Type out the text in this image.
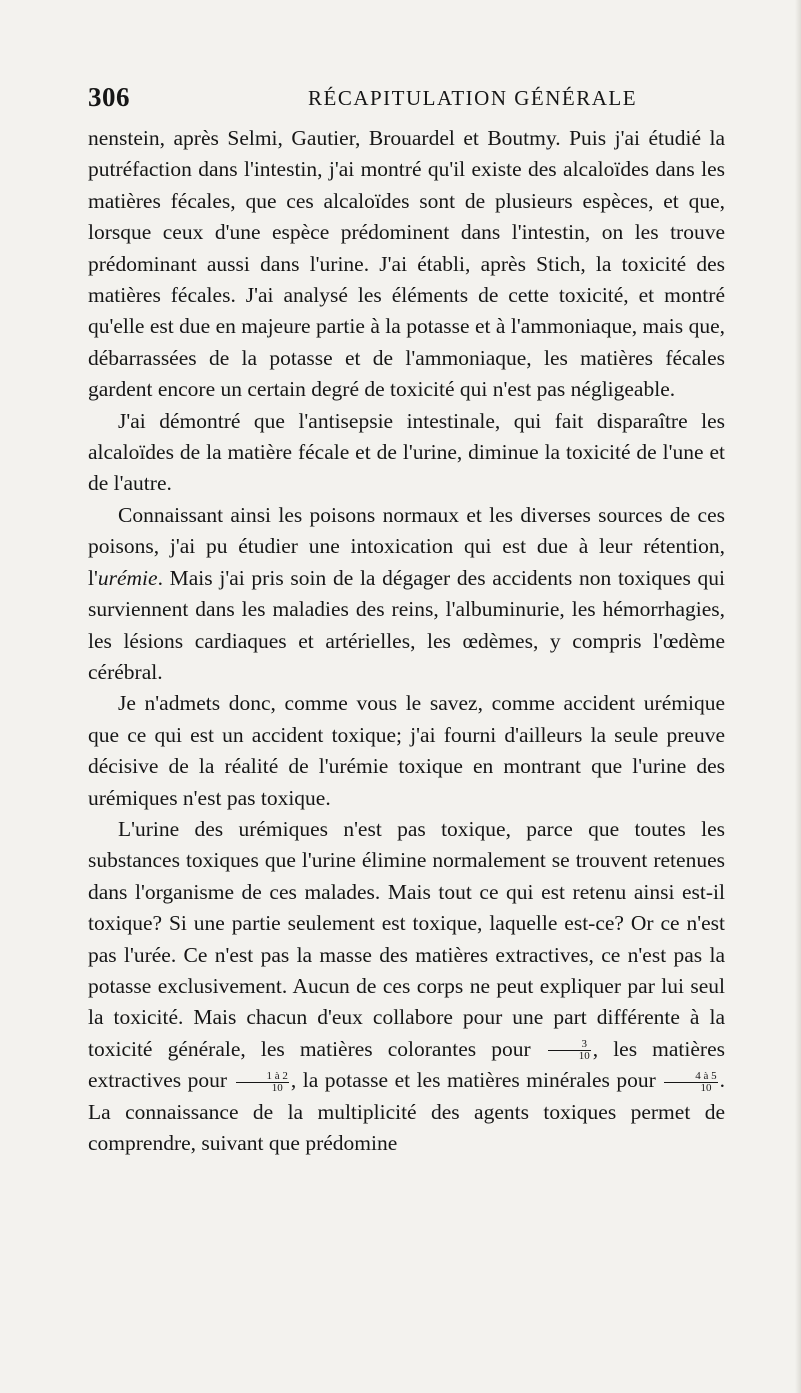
306	RÉCAPITULATION GÉNÉRALE

nenstein, après Selmi, Gautier, Brouardel et Boutmy. Puis j'ai étudié la putréfaction dans l'intestin, j'ai montré qu'il existe des alcaloïdes dans les matières fécales, que ces alcaloïdes sont de plusieurs espèces, et que, lorsque ceux d'une espèce prédominent dans l'intestin, on les trouve prédominant aussi dans l'urine. J'ai établi, après Stich, la toxicité des matières fécales. J'ai analysé les éléments de cette toxicité, et montré qu'elle est due en majeure partie à la potasse et à l'ammoniaque, mais que, débarrassées de la potasse et de l'ammoniaque, les matières fécales gardent encore un certain degré de toxicité qui n'est pas négligeable.

J'ai démontré que l'antisepsie intestinale, qui fait disparaître les alcaloïdes de la matière fécale et de l'urine, diminue la toxicité de l'une et de l'autre.

Connaissant ainsi les poisons normaux et les diverses sources de ces poisons, j'ai pu étudier une intoxication qui est due à leur rétention, l'urémie. Mais j'ai pris soin de la dégager des accidents non toxiques qui surviennent dans les maladies des reins, l'albuminurie, les hémorrhagies, les lésions cardiaques et artérielles, les œdèmes, y compris l'œdème cérébral.

Je n'admets donc, comme vous le savez, comme accident urémique que ce qui est un accident toxique; j'ai fourni d'ailleurs la seule preuve décisive de la réalité de l'urémie toxique en montrant que l'urine des urémiques n'est pas toxique.

L'urine des urémiques n'est pas toxique, parce que toutes les substances toxiques que l'urine élimine normalement se trouvent retenues dans l'organisme de ces malades. Mais tout ce qui est retenu ainsi est-il toxique? Si une partie seulement est toxique, laquelle est-ce? Or ce n'est pas l'urée. Ce n'est pas la masse des matières extractives, ce n'est pas la potasse exclusivement. Aucun de ces corps ne peut expliquer par lui seul la toxicité. Mais chacun d'eux collabore pour une part différente à la toxicité générale, les matières colorantes pour $\frac{3}{10}$ , les matières extractives pour $\frac{1 à 2}{10}$ , la potasse et les matières minérales pour $\frac{4 à 5}{10}$ . La connaissance de la multiplicité des agents toxiques permet de comprendre, suivant que prédomine
